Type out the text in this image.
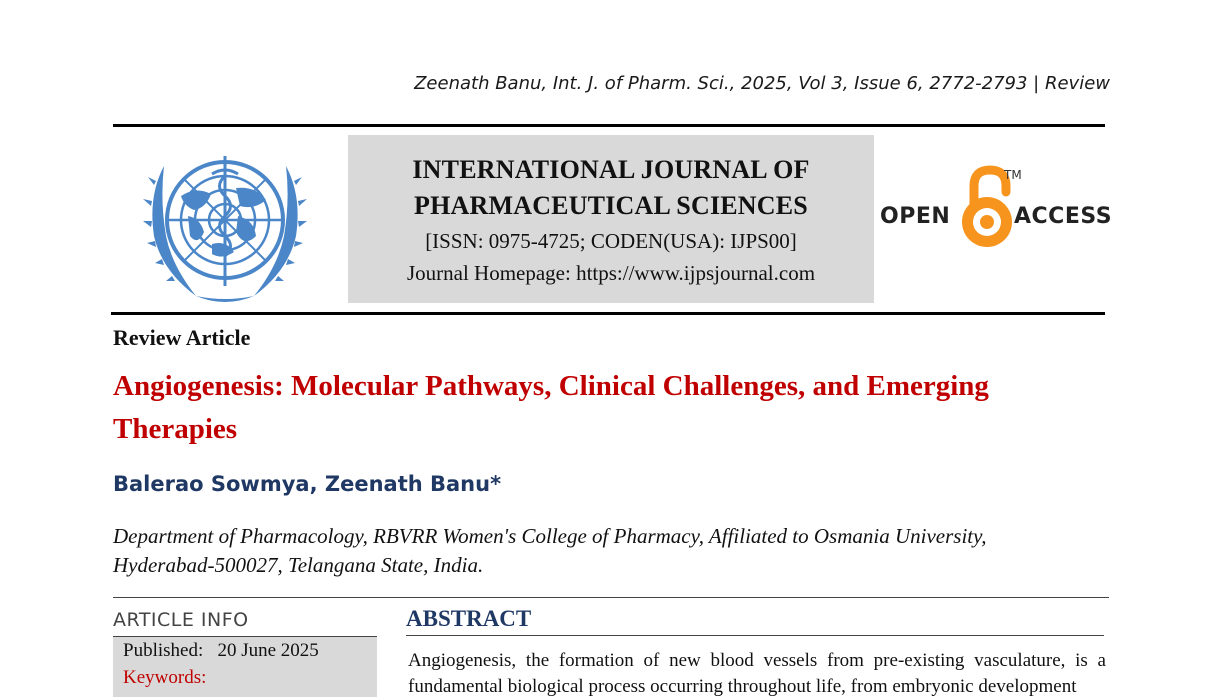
Zeenath Banu, Int. J. of Pharm. Sci., 2025, Vol 3, Issue 6, 2772-2793 | Review
INTERNATIONAL JOURNAL OF
PHARMACEUTICAL SCIENCES
[ISSN: 0975-4725; CODEN(USA): IJPS00]
Journal Homepage: https://www.ijpsjournal.com
OPEN	ACCESS
TM
Review Article
Angiogenesis: Molecular Pathways, Clinical Challenges, and Emerging Therapies
Balerao Sowmya, Zeenath Banu*
Department of Pharmacology, RBVRR Women's College of Pharmacy, Affiliated to Osmania University,
Hyderabad-500027, Telangana State, India.
ARTICLE INFO
Published: 20 June 2025
Keywords:
ABSTRACT
Angiogenesis, the formation of new blood vessels from pre-existing vasculature, is a
fundamental biological process occurring throughout life, from embryonic development
